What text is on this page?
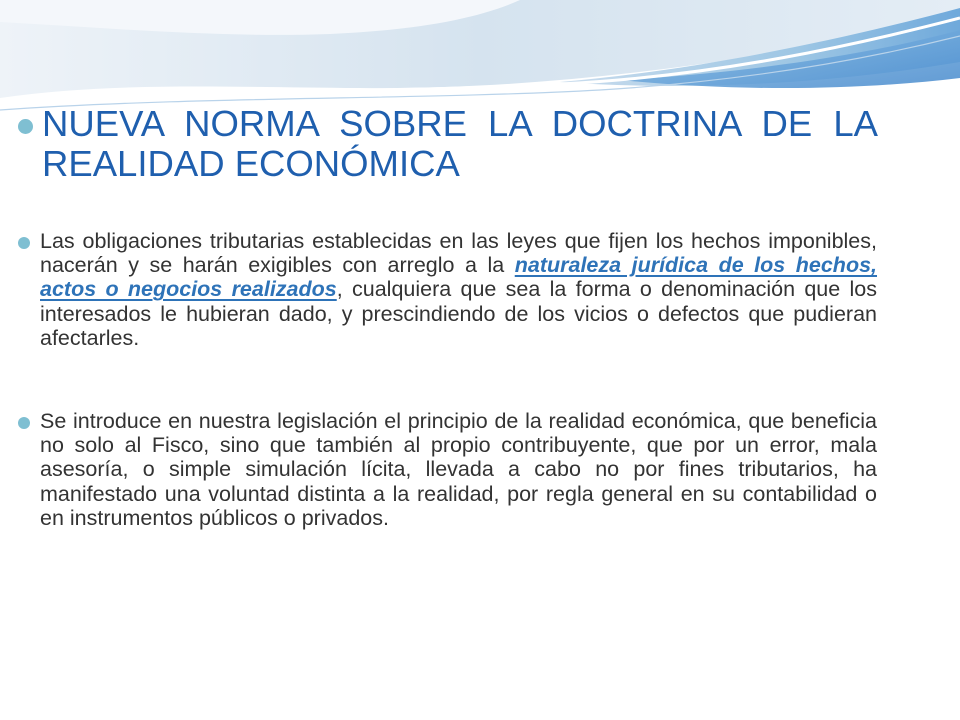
NUEVA NORMA SOBRE LA DOCTRINA DE LA REALIDAD ECONÓMICA

Las obligaciones tributarias establecidas en las leyes que fijen los hechos imponibles, nacerán y se harán exigibles con arreglo a la naturaleza jurídica de los hechos, actos o negocios realizados, cualquiera que sea la forma o denominación que los interesados le hubieran dado, y prescindiendo de los vicios o defectos que pudieran afectarles.

Se introduce en nuestra legislación el principio de la realidad económica, que beneficia no solo al Fisco, sino que también al propio contribuyente, que por un error, mala asesoría, o simple simulación lícita, llevada a cabo no por fines tributarios, ha manifestado una voluntad distinta a la realidad, por regla general en su contabilidad o en instrumentos públicos o privados.
